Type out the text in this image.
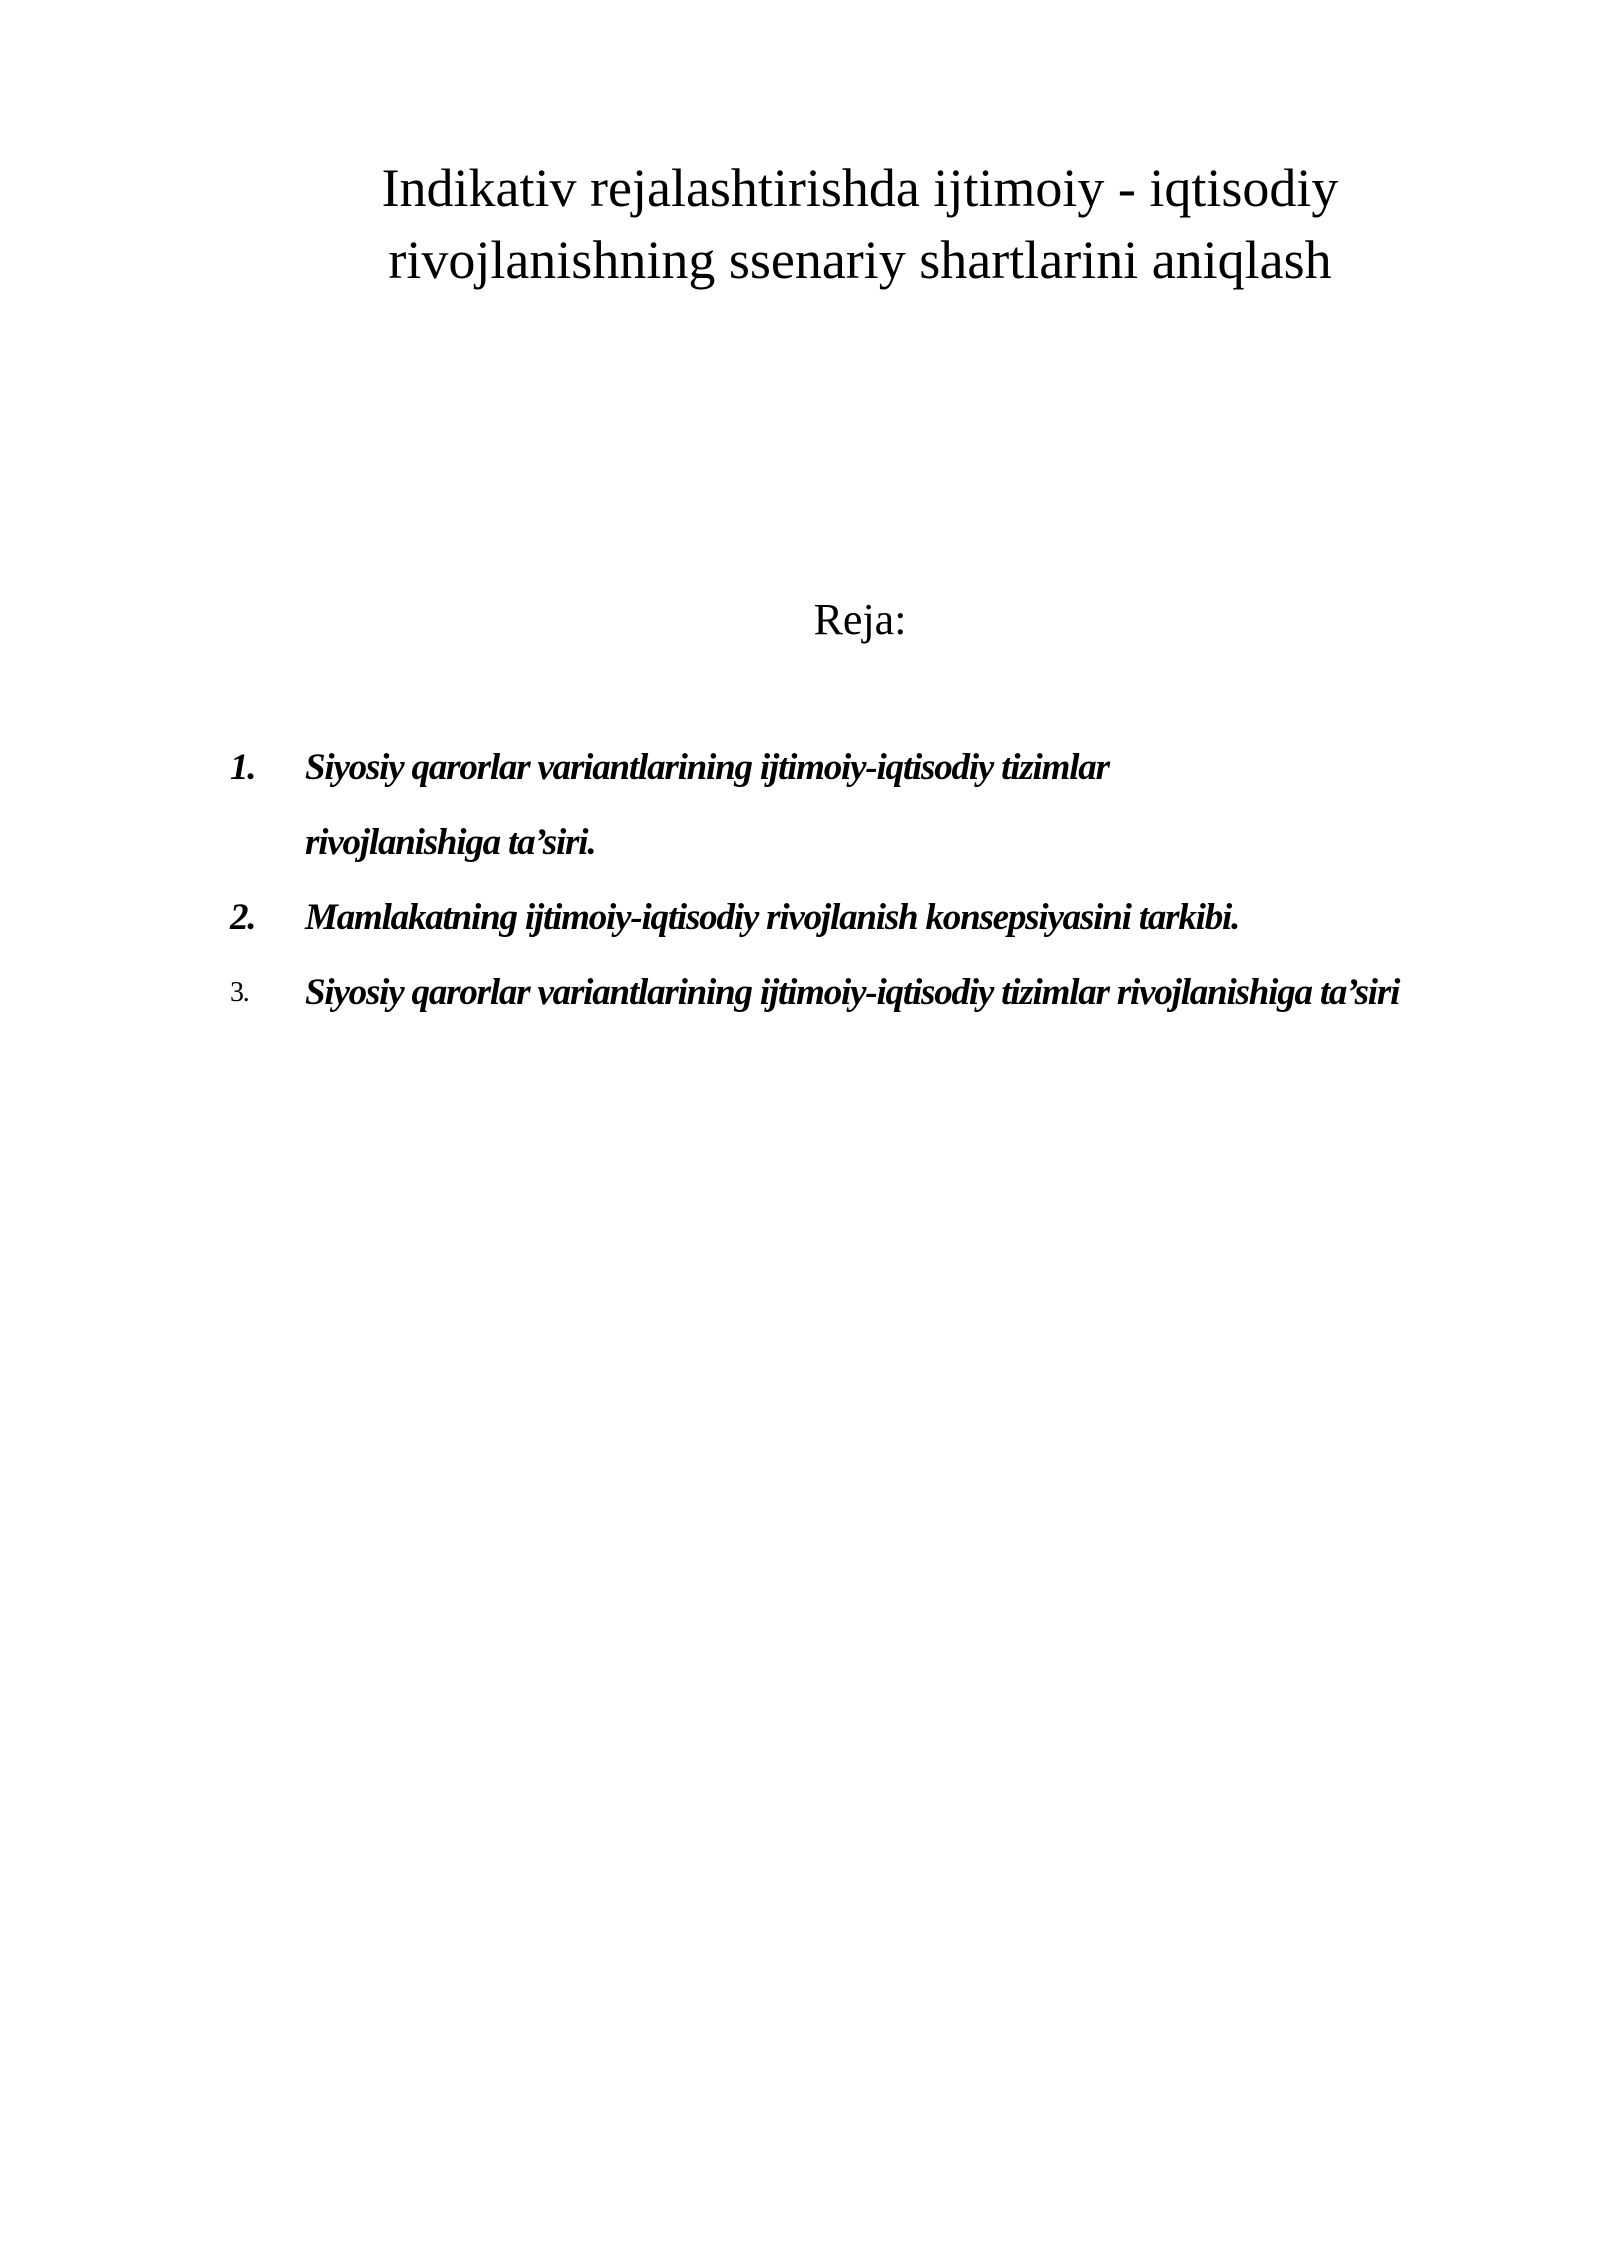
Indikativ rejalashtirishda ijtimoiy - iqtisodiy
rivojlanishning ssenariy shartlarini aniqlash
Reja:
1. Siyosiy qarorlar variantlarining ijtimoiy-iqtisodiy tizimlar rivojlanishiga ta’siri.
2. Mamlakatning ijtimoiy-iqtisodiy rivojlanish konsepsiyasini tarkibi.
3. Siyosiy qarorlar variantlarining ijtimoiy-iqtisodiy tizimlar rivojlanishiga ta’siri
